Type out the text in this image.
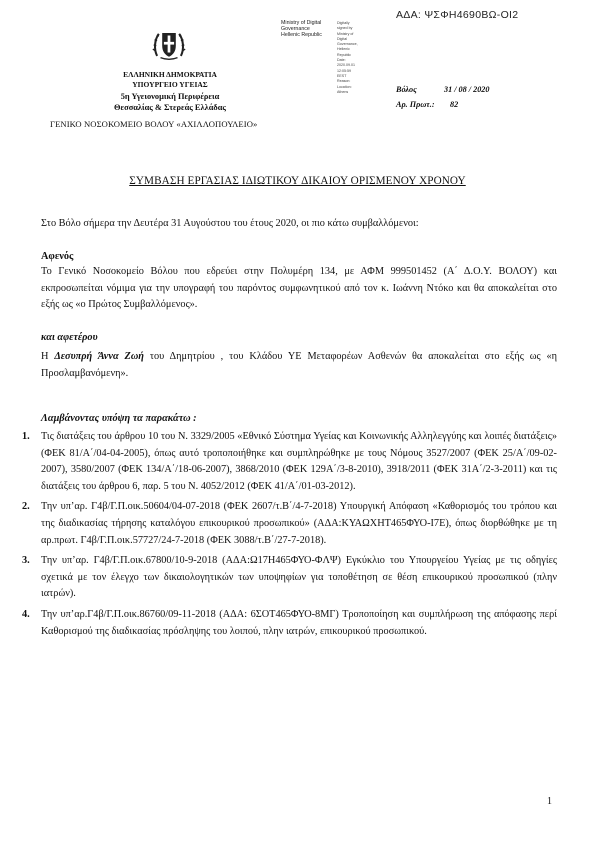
ΑΔΑ: ΨΣΦΗ4690ΒΩ-ΟΙ2
Ministry of Digital
Governance
Hellenic Republic
Digitally signed by Ministry of
Digital Governance,
Hellenic Republic
Date: 2020.09.01 12:05:59
EEST
Reason:
Location: Athens
ΕΛΛΗΝΙΚΗ ΔΗΜΟΚΡΑΤΙΑ
ΥΠΟΥΡΓΕΙΟ ΥΓΕΙΑΣ
5η Υγειονομική Περιφέρεια
Θεσσαλίας & Στερεάς Ελλάδας
ΓΕΝΙΚΟ ΝΟΣΟΚΟΜΕΙΟ ΒΟΛΟΥ «ΑΧΙΛΛΟΠΟΥΛΕΙΟ»
Βόλος	31 / 08 / 2020
Αρ. Πρωτ.: 82
ΣΥΜΒΑΣΗ ΕΡΓΑΣΙΑΣ ΙΔΙΩΤΙΚΟΥ ΔΙΚΑΙΟΥ ΟΡΙΣΜΕΝΟΥ ΧΡΟΝΟΥ
Στο Βόλο σήμερα την Δευτέρα 31 Αυγούστου του έτους 2020, οι πιο κάτω συμβαλλόμενοι:
Αφενός
Το Γενικό Νοσοκομείο Βόλου που εδρεύει στην Πολυμέρη 134, με ΑΦΜ 999501452 (Α΄ Δ.Ο.Υ. ΒΟΛΟΥ) και εκπροσωπείται νόμιμα για την υπογραφή του παρόντος συμφωνητικού από τον κ. Ιωάννη Ντόκο και θα αποκαλείται στο εξής ως «ο Πρώτος Συμβαλλόμενος».
και αφετέρου
Η Δεσυπρή Άννα Ζωή του Δημητρίου , του Κλάδου ΥΕ Μεταφορέων Ασθενών θα αποκαλείται στο εξής ως «η Προσλαμβανόμενη».
Λαμβάνοντας υπόψη τα παρακάτω :
1.	Τις διατάξεις του άρθρου 10 του Ν. 3329/2005 «Εθνικό Σύστημα Υγείας και Κοινωνικής Αλληλεγγύης και λοιπές διατάξεις» (ΦΕΚ 81/Α΄/04-04-2005), όπως αυτό τροποποιήθηκε και συμπληρώθηκε με τους Νόμους 3527/2007 (ΦΕΚ 25/Α΄/09-02-2007), 3580/2007 (ΦΕΚ 134/Α΄/18-06-2007), 3868/2010 (ΦΕΚ 129Α΄/3-8-2010), 3918/2011 (ΦΕΚ 31Α΄/2-3-2011) και τις διατάξεις του άρθρου 6, παρ. 5 του Ν. 4052/2012 (ΦΕΚ 41/Α΄/01-03-2012).
2.	Την υπ’αρ. Γ4β/Γ.Π.οικ.50604/04-07-2018 (ΦΕΚ 2607/τ.Β΄/4-7-2018) Υπουργική Απόφαση «Καθορισμός του τρόπου και της διαδικασίας τήρησης καταλόγου επικουρικού προσωπικού» (ΑΔΑ:ΚΥΑΩΧΗΤ465ΦΥΟ-Ι7Ε), όπως διορθώθηκε με τη αρ.πρωτ. Γ4β/Γ.Π.οικ.57727/24-7-2018 (ΦΕΚ 3088/τ.Β΄/27-7-2018).
3.	Την υπ’αρ. Γ4β/Γ.Π.οικ.67800/10-9-2018 (ΑΔΑ:Ω17Η465ΦΥΟ-ΦΛΨ) Εγκύκλιο του Υπουργείου Υγείας με τις οδηγίες σχετικά με τον έλεγχο των δικαιολογητικών των υποψηφίων για τοποθέτηση σε θέση επικουρικού προσωπικού (πλην ιατρών).
4.	Την υπ’αρ.Γ4β/Γ.Π.οικ.86760/09-11-2018 (ΑΔΑ: 6ΣΟΤ465ΦΥΟ-8ΜΓ) Τροποποίηση και συμπλήρωση της απόφασης περί Καθορισμού της διαδικασίας πρόσληψης του λοιπού, πλην ιατρών, επικουρικού προσωπικού.
1
